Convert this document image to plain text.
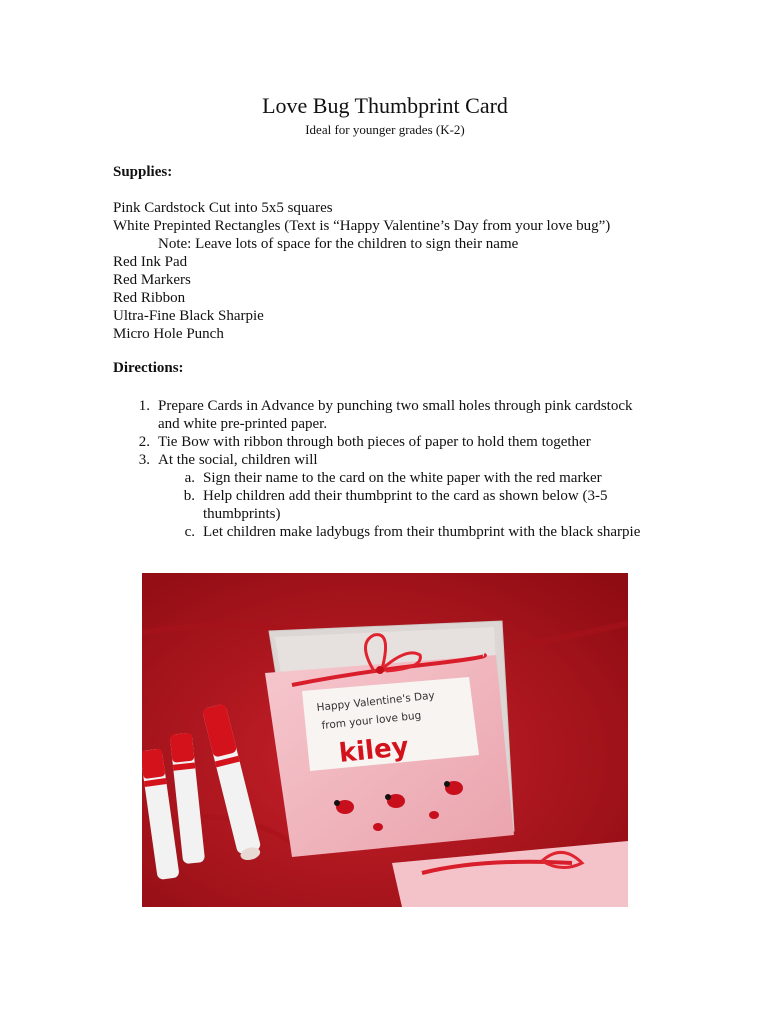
Love Bug Thumbprint Card
Ideal for younger grades (K-2)
Supplies:
Pink Cardstock Cut into 5x5 squares
White Prepinted Rectangles (Text is “Happy Valentine’s Day from your love bug”)
Note: Leave lots of space for the children to sign their name
Red Ink Pad
Red Markers
Red Ribbon
Ultra-Fine Black Sharpie
Micro Hole Punch
Directions:
1. Prepare Cards in Advance by punching two small holes through pink cardstock
and white pre-printed paper.
2. Tie Bow with ribbon through both pieces of paper to hold them together
3. At the social, children will
a. Sign their name to the card on the white paper with the red marker
b. Help children add their thumbprint to the card as shown below (3-5
thumbprints)
c. Let children make ladybugs from their thumbprint with the black sharpie
Happy Valentine's Day
from your love bug
kiley
